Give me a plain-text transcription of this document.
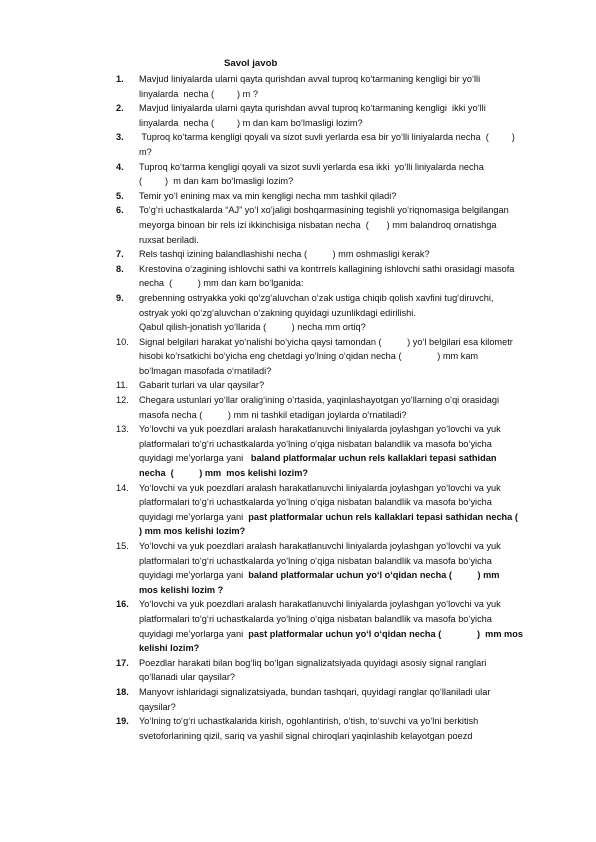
Savol javob
1. Mavjud liniyalarda ularni qayta qurishdan avval tuproq ko‘tarmaning kengligi bir yo‘lli
linyalarda  necha (         ) m ?
2. Mavjud liniyalarda ularni qayta qurishdan avval tuproq ko‘tarmaning kengligi  ikki yo‘lli
linyalarda  necha (         ) m dan kam bo‘lmasligi lozim?
3. Tuproq ko‘tarma kengligi qoyali va sizot suvli yerlarda esa bir yo‘lli liniyalarda necha  (         )
m?
4. Tuproq ko‘tarma kengligi qoyali va sizot suvli yerlarda esa ikki  yo‘lli liniyalarda necha
(         )  m dan kam bo‘lmasligi lozim?
5. Temir yo‘l enining max va min kengligi necha mm tashkil qiladi?
6. To‘g‘ri uchastkalarda “AJ” yo‘l xo‘jaligi boshqarmasining tegishli yo‘riqnomasiga belgilangan
meyorga binoan bir rels izi ikkinchisiga nisbatan necha  (       ) mm balandroq ornatishga
ruxsat beriladi.
7. Rels tashqi izining balandlashishi necha (          ) mm oshmasligi kerak?
8. Krestovina o‘zagining ishlovchi sathi va kontrrels kallagining ishlovchi sathi orasidagi masofa
necha  (          ) mm dan kam bo‘lganida:
9. grebenning ostryakka yoki qo‘zg‘aluvchan o‘zak ustiga chiqib qolish xavfini tug‘diruvchi,
ostryak yoki qo‘zg‘aluvchan o‘zakning quyidagi uzunlikdagi edirilishi.
Qabul qilish-jonatish yo‘llarida (          ) necha mm ortiq?
10. Signal belgilari harakat yo‘nalishi bo‘yicha qaysi tamondan (          ) yo‘l belgilari esa kilometr
hisobi ko‘rsatkichi bo‘yicha eng chetdagi yo‘lning o‘qidan necha (              ) mm kam
bo‘lmagan masofada o‘rnatiladi?
11. Gabarit turlari va ular qaysilar?
12. Chegara ustunlari yo‘llar oralig‘ining o‘rtasida, yaqinlashayotgan yo‘llarning o‘qi orasidagi
masofa necha (          ) mm ni tashkil etadigan joylarda o‘rnatiladi?
13. Yo‘lovchi va yuk poezdlari aralash harakatlanuvchi liniyalarda joylashgan yo‘lovchi va yuk
platformalari to‘g‘ri uchastkalarda yo‘lning o‘qiga nisbatan balandlik va masofa bo‘yicha
quyidagi me’yorlarga yani   baland platformalar uchun rels kallaklari tepasi sathidan
necha  (          ) mm  mos kelishi lozim?
14. Yo‘lovchi va yuk poezdlari aralash harakatlanuvchi liniyalarda joylashgan yo‘lovchi va yuk
platformalari to‘g‘ri uchastkalarda yo‘lning o‘qiga nisbatan balandlik va masofa bo‘yicha
quyidagi me’yorlarga yani  past platformalar uchun rels kallaklari tepasi sathidan necha (
) mm mos kelishi lozim?
15. Yo‘lovchi va yuk poezdlari aralash harakatlanuvchi liniyalarda joylashgan yo‘lovchi va yuk
platformalari to‘g‘ri uchastkalarda yo‘lning o‘qiga nisbatan balandlik va masofa bo‘yicha
quyidagi me’yorlarga yani  baland platformalar uchun yo‘l o‘qidan necha (          ) mm
mos kelishi lozim ?
16. Yo‘lovchi va yuk poezdlari aralash harakatlanuvchi liniyalarda joylashgan yo‘lovchi va yuk
platformalari to‘g‘ri uchastkalarda yo‘lning o‘qiga nisbatan balandlik va masofa bo‘yicha
quyidagi me’yorlarga yani  past platformalar uchun yo‘l o‘qidan necha (              )  mm mos
kelishi lozim?
17. Poezdlar harakati bilan bog‘liq bo‘lgan signalizatsiyada quyidagi asosiy signal ranglari
qo‘llanadi ular qaysilar?
18. Manyovr ishlaridagi signalizatsiyada, bundan tashqari, quyidagi ranglar qo‘llaniladi ular
qaysilar?
19. Yo‘lning to‘g‘ri uchastkalarida kirish, ogohlantirish, o‘tish, to‘suvchi va yo‘lni berkitish
svetoforlarining qizil, sariq va yashil signal chiroqlari yaqinlashib kelayotgan poezd
